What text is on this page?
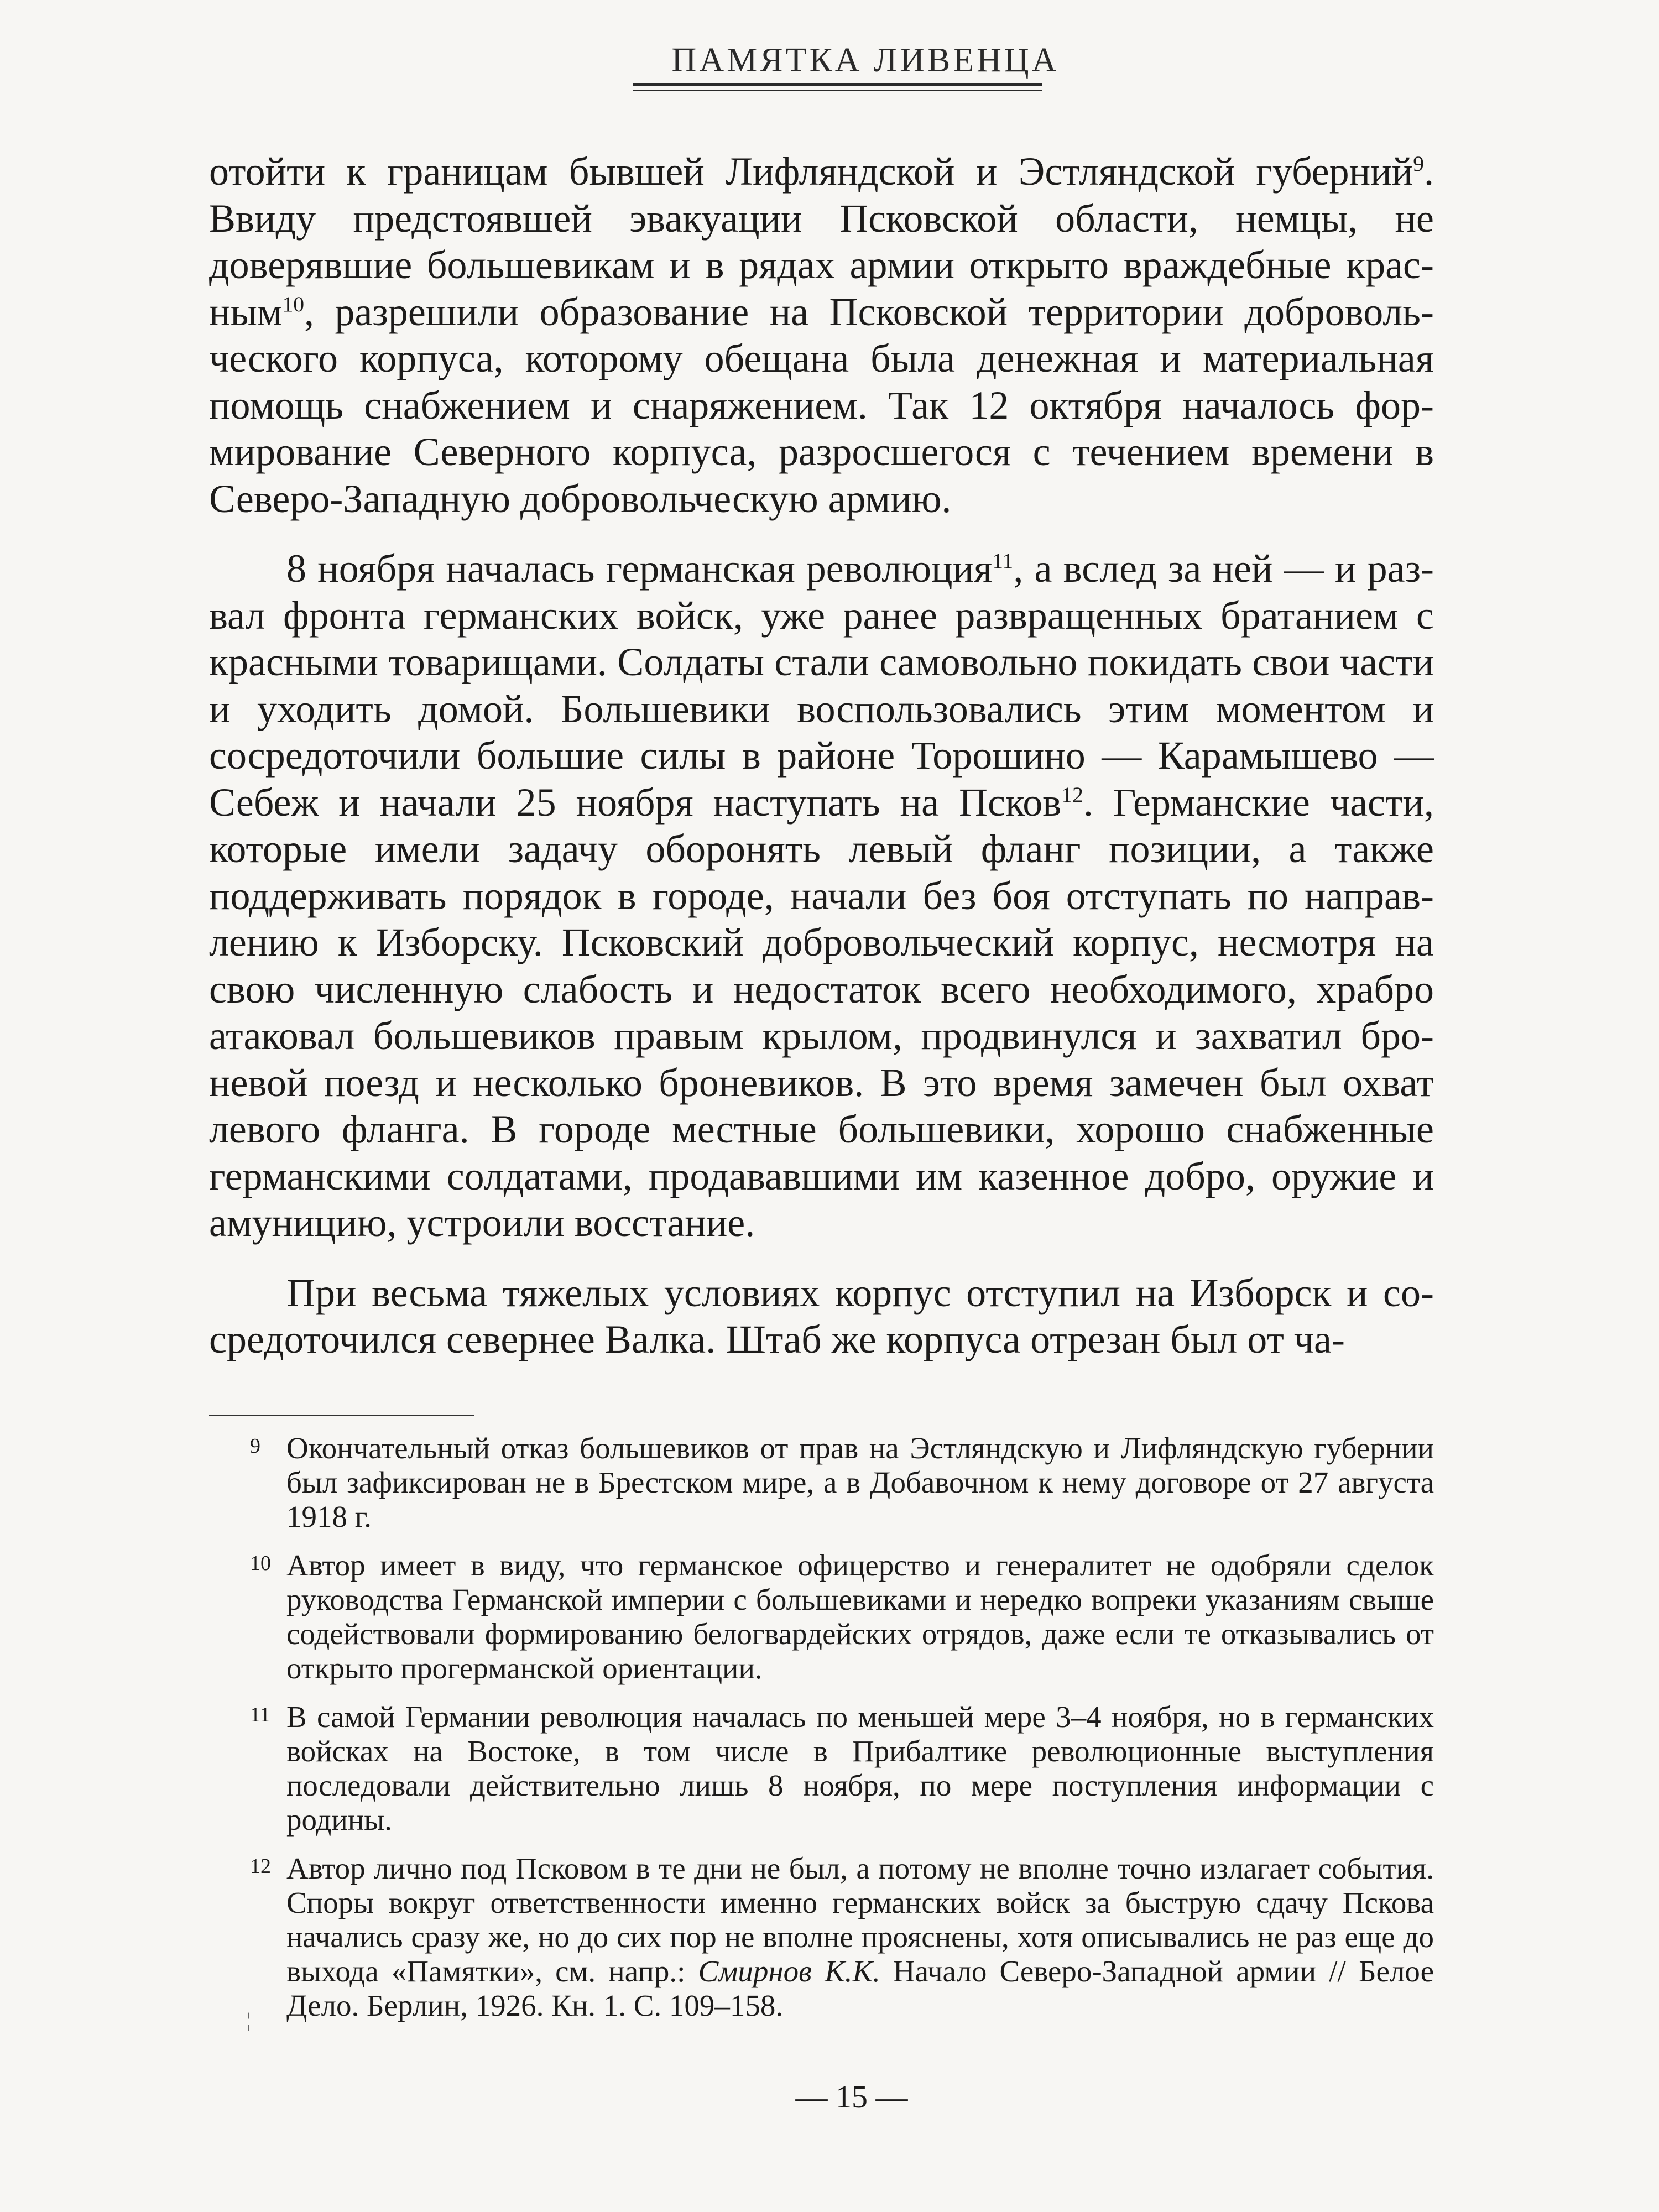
ПАМЯТКА ЛИВЕНЦА

отойти к границам бывшей Лифляндской и Эстляндской губерний$^9$. Ввиду предстоявшей эвакуации Псковской области, немцы, не доверявшие большевикам и в рядах армии открыто враждебные красным$^{10}$, разрешили образование на Псковской территории добровольческого корпуса, которому обещана была денежная и материальная помощь снабжением и снаряжением. Так 12 октября началось формирование Северного корпуса, разросшегося с течением времени в Северо-Западную добровольческую армию.

8 ноября началась германская революция$^{11}$, а вслед за ней — и развал фронта германских войск, уже ранее развращенных братанием с красными товарищами. Солдаты стали самовольно покидать свои части и уходить домой. Большевики воспользовались этим моментом и сосредоточили большие силы в районе Торошино — Карамышево — Себеж и начали 25 ноября наступать на Псков$^{12}$. Германские части, которые имели задачу оборонять левый фланг позиции, а также поддерживать порядок в городе, начали без боя отступать по направлению к Изборску. Псковский добровольческий корпус, несмотря на свою численную слабость и недостаток всего необходимого, храбро атаковал большевиков правым крылом, продвинулся и захватил броневой поезд и несколько броневиков. В это время замечен был охват левого фланга. В городе местные большевики, хорошо снабженные германскими солдатами, продававшими им казенное добро, оружие и амуницию, устроили восстание.

При весьма тяжелых условиях корпус отступил на Изборск и сосредоточился севернее Валка. Штаб же корпуса отрезан был от ча-

9 Окончательный отказ большевиков от прав на Эстляндскую и Лифляндскую губернии был зафиксирован не в Брестском мире, а в Добавочном к нему договоре от 27 августа 1918 г.
10 Автор имеет в виду, что германское офицерство и генералитет не одобряли сделок руководства Германской империи с большевиками и нередко вопреки указаниям свыше содействовали формированию белогвардейских отрядов, даже если те отказывались от открыто прогерманской ориентации.
11 В самой Германии революция началась по меньшей мере 3–4 ноября, но в германских войсках на Востоке, в том числе в Прибалтике революционные выступления последовали действительно лишь 8 ноября, по мере поступления информации с родины.
12 Автор лично под Псковом в те дни не был, а потому не вполне точно излагает события. Споры вокруг ответственности именно германских войск за быструю сдачу Пскова начались сразу же, но до сих пор не вполне прояснены, хотя описывались не раз еще до выхода «Памятки», см. напр.: Смирнов К.К. Начало Северо-Западной армии // Белое Дело. Берлин, 1926. Кн. 1. С. 109–158.
¦
— 15 —
